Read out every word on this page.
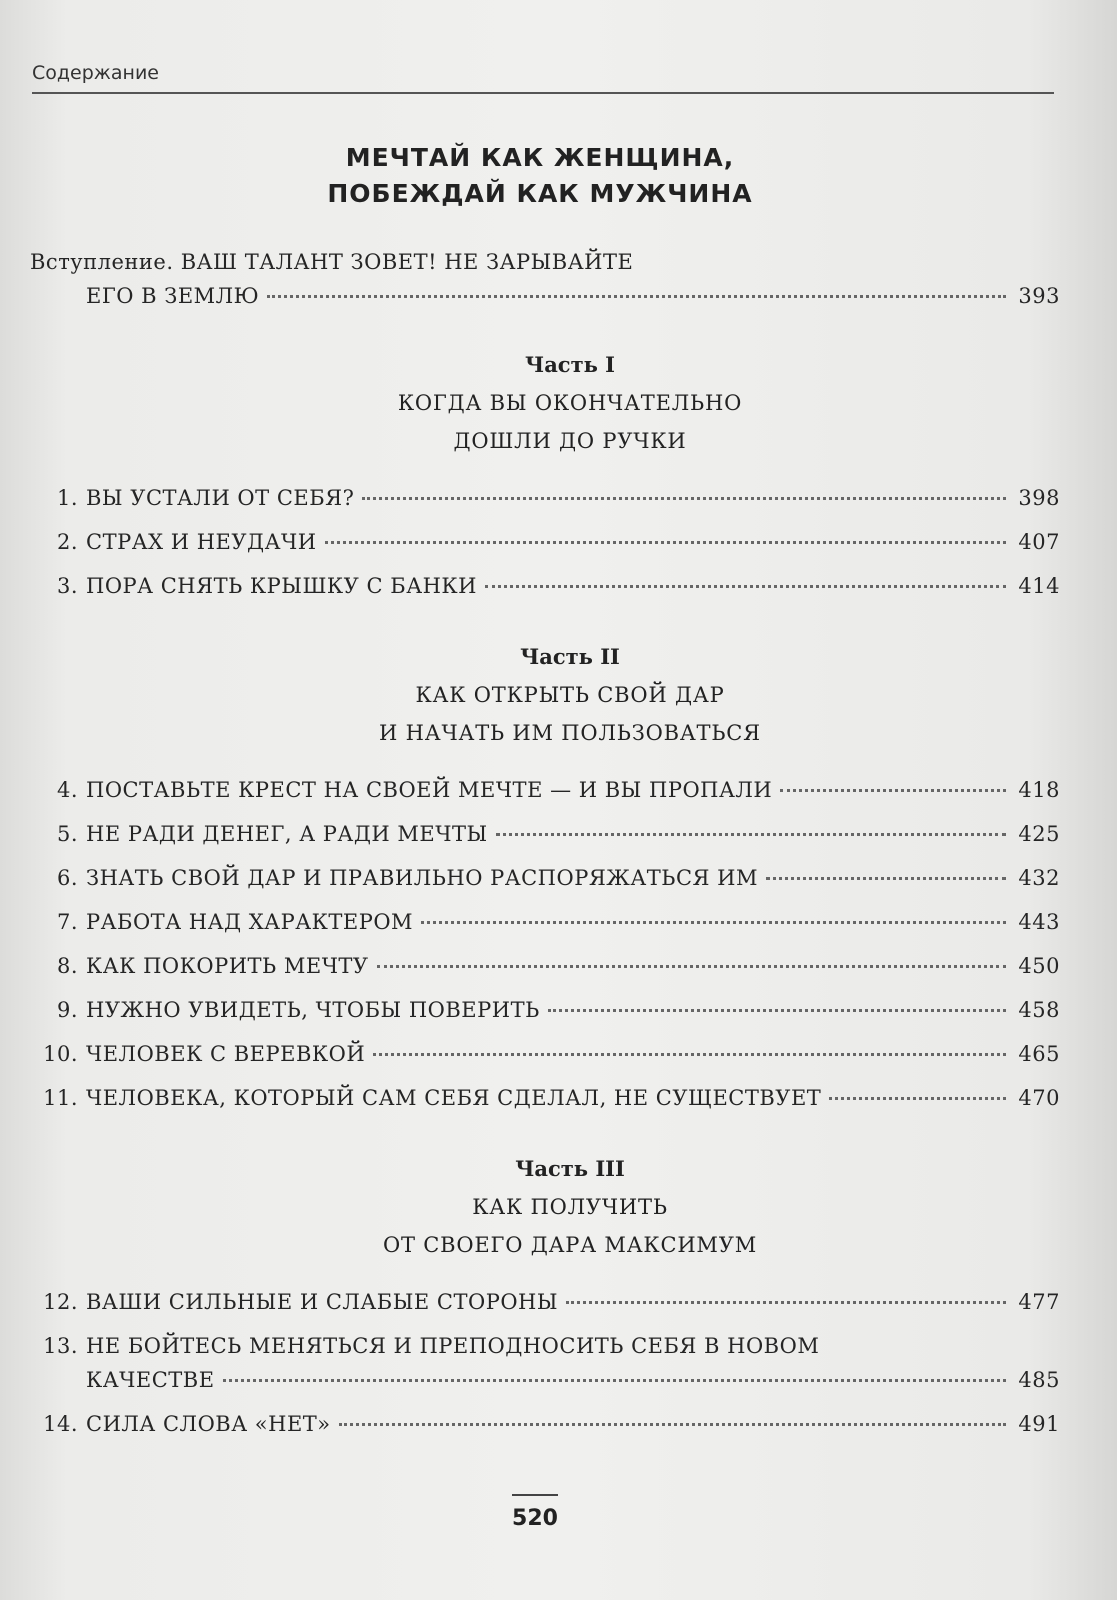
Содержание
МЕЧТАЙ КАК ЖЕНЩИНА,
ПОБЕЖДАЙ КАК МУЖЧИНА
Вступление.
ВАШ ТАЛАНТ ЗОВЕТ! НЕ ЗАРЫВАЙТЕ
ЕГО В ЗЕМЛЮ	393
Часть I
КОГДА ВЫ ОКОНЧАТЕЛЬНО
ДОШЛИ ДО РУЧКИ
1. ВЫ УСТАЛИ ОТ СЕБЯ?	398
2. СТРАХ И НЕУДАЧИ	407
3. ПОРА СНЯТЬ КРЫШКУ С БАНКИ	414
Часть II
КАК ОТКРЫТЬ СВОЙ ДАР
И НАЧАТЬ ИМ ПОЛЬЗОВАТЬСЯ
4. ПОСТАВЬТЕ КРЕСТ НА СВОЕЙ МЕЧТЕ — И ВЫ ПРОПАЛИ	418
5. НЕ РАДИ ДЕНЕГ, А РАДИ МЕЧТЫ	425
6. ЗНАТЬ СВОЙ ДАР И ПРАВИЛЬНО РАСПОРЯЖАТЬСЯ ИМ	432
7. РАБОТА НАД ХАРАКТЕРОМ	443
8. КАК ПОКОРИТЬ МЕЧТУ	450
9. НУЖНО УВИДЕТЬ, ЧТОБЫ ПОВЕРИТЬ	458
10. ЧЕЛОВЕК С ВЕРЕВКОЙ	465
11. ЧЕЛОВЕКА, КОТОРЫЙ САМ СЕБЯ СДЕЛАЛ, НЕ СУЩЕСТВУЕТ	470
Часть III
КАК ПОЛУЧИТЬ
ОТ СВОЕГО ДАРА МАКСИМУМ
12. ВАШИ СИЛЬНЫЕ И СЛАБЫЕ СТОРОНЫ	477
13. НЕ БОЙТЕСЬ МЕНЯТЬСЯ И ПРЕПОДНОСИТЬ СЕБЯ В НОВОМ
КАЧЕСТВЕ	485
14. СИЛА СЛОВА «НЕТ»	491
520
